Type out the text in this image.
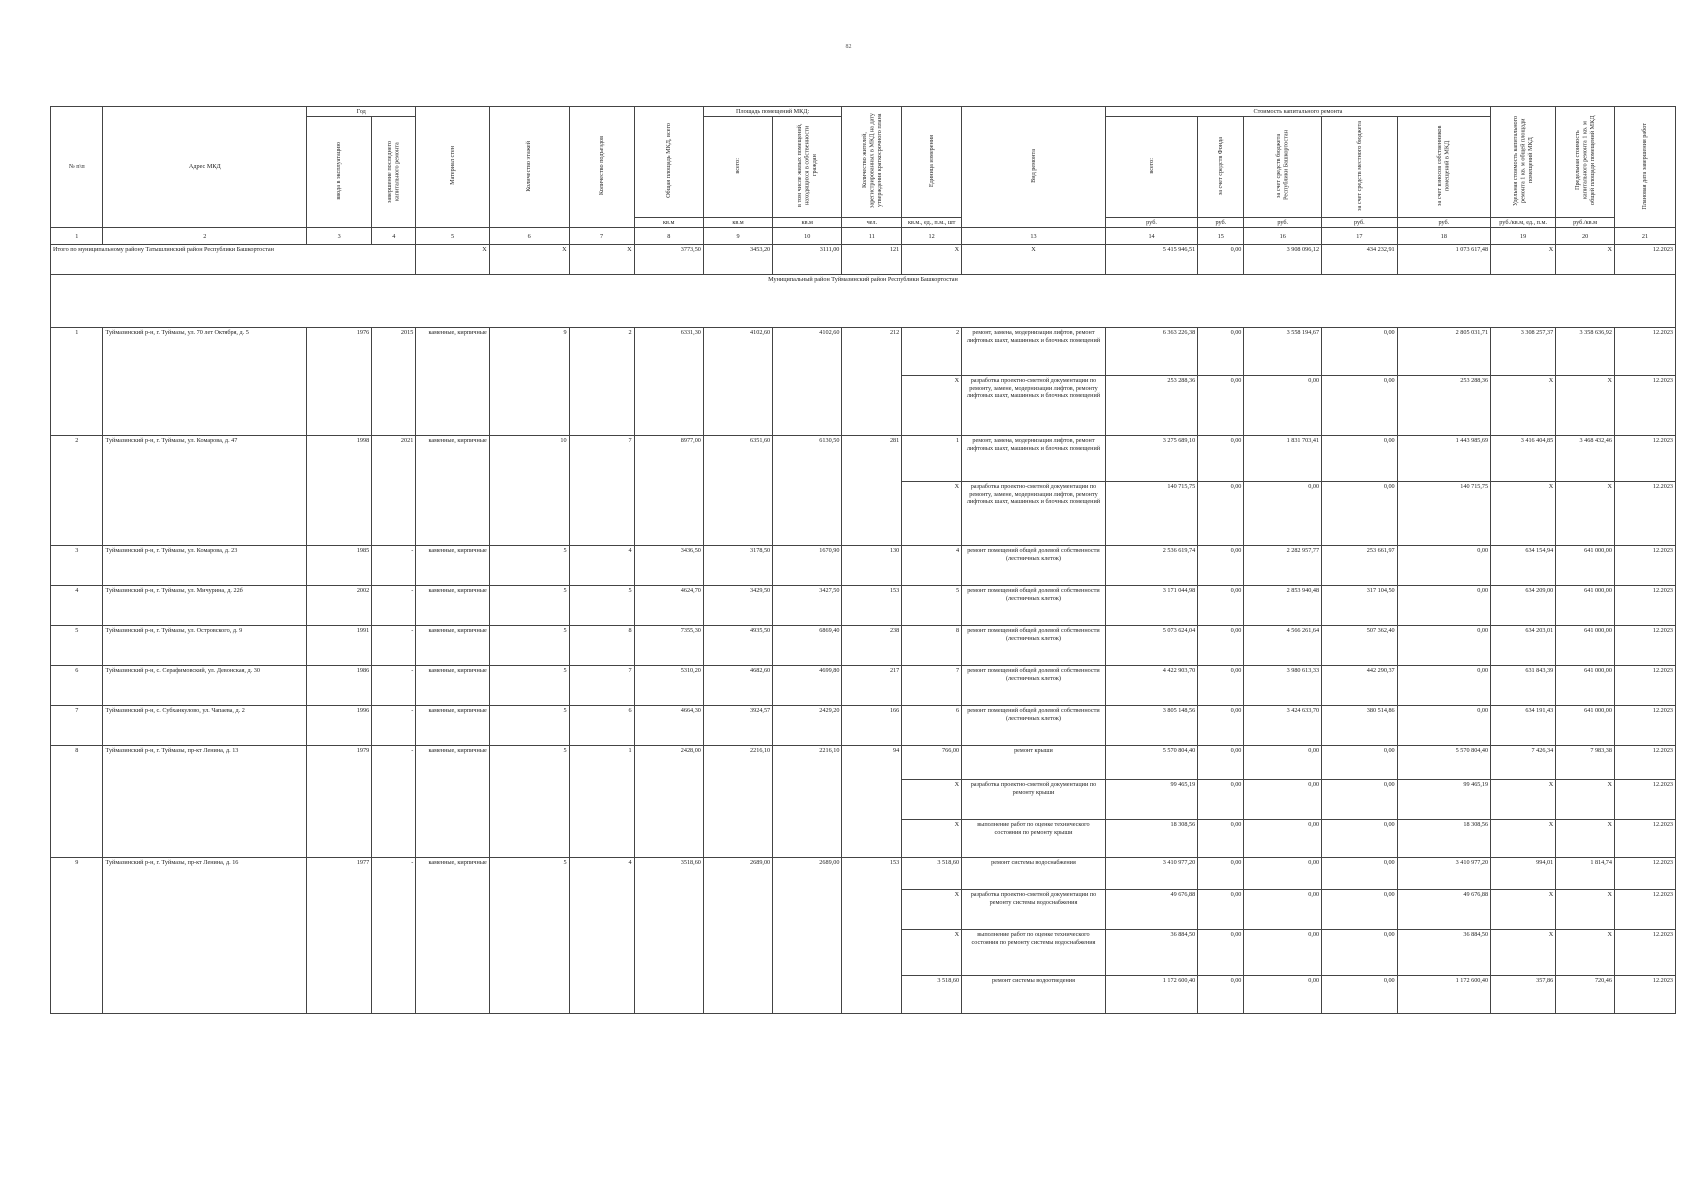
82
№ п\п	Адрес МКД	Год		Материал стен	Количество этажей	Количество подъездов	Общая площадь МКД, всего	Площадь помещений МКД:		Количество жителей, зарегистрированных в МКД на дату утверждения краткосрочного плана	Единица измерения	Вид ремонта	Стоимость капитального ремонта					Удельная стоимость капитального ремонта 1 кв. м общей площади помещений МКД	Предельная стоимость капитального ремонта 1 кв. м общей площади помещений МКД	Плановая дата завершения работ
		ввода в эксплуатацию	завершение последнего капитального ремонта					всего:	в том числе жилых помещений, находящихся в собственности граждан				всего:	за счет средств Фонда	за счет средств бюджета Республики Башкортостан	за счет средств местного бюджета	за счет взносов собственников помещений в МКД			
							кв.м	кв.м	кв.м	чел.	кв.м., ед., п.м., шт		руб.	руб.	руб.	руб.	руб.	руб./кв.м, ед., п.м.	руб./кв.м	
1	2	3	4	5	6	7	8	9	10	11	12	13	14	15	16	17	18	19	20	21
Итого по муниципальному району Татышлинский район Республики Башкортостан				X	X	X	3773,50	3453,20	3111,00	121	X	X	5 415 946,51	0,00	3 908 096,12	434 232,91	1 073 617,48	X	X	12.2023
Муниципальный район Туймазинский район Республики Башкортостан																				
1	Туймазинский р-н, г. Туймазы, ул. 70 лет Октября, д. 5	1976	2015	каменные, кирпичные	9	2	6331,30	4102,60	4102,60	212	2	ремонт, замена, модернизация лифтов, ремонт лифтовых шахт, машинных и блочных помещений	6 363 226,38	0,00	3 558 194,67	0,00	2 805 031,71	3 308 257,37	3 358 636,92	12.2023
											X	разработка проектно-сметной документации по ремонту, замене, модернизации лифтов, ремонту лифтовых шахт, машинных и блочных помещений	253 288,36	0,00	0,00	0,00	253 288,36	X	X	12.2023
2	Туймазинский р-н, г. Туймазы, ул. Комарова, д. 47	1998	2021	каменные, кирпичные	10	7	8977,00	6351,60	6130,50	281	1	ремонт, замена, модернизация лифтов, ремонт лифтовых шахт, машинных и блочных помещений	3 275 689,10	0,00	1 831 703,41	0,00	1 443 985,69	3 416 404,85	3 468 432,46	12.2023
											X	разработка проектно-сметной документации по ремонту, замене, модернизации лифтов, ремонту лифтовых шахт, машинных и блочных помещений	140 715,75	0,00	0,00	0,00	140 715,75	X	X	12.2023
3	Туймазинский р-н, г. Туймазы, ул. Комарова, д. 23	1985	-	каменные, кирпичные	5	4	3436,50	3178,50	1670,90	130	4	ремонт помещений общей долевой собственности (лестничных клеток)	2 536 619,74	0,00	2 282 957,77	253 661,97	0,00	634 154,94	641 000,00	12.2023
4	Туймазинский р-н, г. Туймазы, ул. Мичурина, д. 22б	2002	-	каменные, кирпичные	5	5	4624,70	3429,50	3427,50	153	5	ремонт помещений общей долевой собственности (лестничных клеток)	3 171 044,98	0,00	2 853 940,48	317 104,50	0,00	634 209,00	641 000,00	12.2023
5	Туймазинский р-н, г. Туймазы, ул. Островского, д. 9	1991	-	каменные, кирпичные	5	8	7355,30	4935,50	6869,40	238	8	ремонт помещений общей долевой собственности (лестничных клеток)	5 073 624,04	0,00	4 566 261,64	507 362,40	0,00	634 203,01	641 000,00	12.2023
6	Туймазинский р-н, с. Серафимовский, ул. Девонская, д. 30	1986	-	каменные, кирпичные	5	7	5310,20	4682,60	4699,80	217	7	ремонт помещений общей долевой собственности (лестничных клеток)	4 422 903,70	0,00	3 980 613,33	442 290,37	0,00	631 843,39	641 000,00	12.2023
7	Туймазинский р-н, с. Субханкулово, ул. Чапаева, д. 2	1996	-	каменные, кирпичные	5	6	4664,30	3924,57	2429,20	166	6	ремонт помещений общей долевой собственности (лестничных клеток)	3 805 148,56	0,00	3 424 633,70	380 514,86	0,00	634 191,43	641 000,00	12.2023
8	Туймазинский р-н, г. Туймазы, пр-кт Ленина, д. 13	1979	-	каменные, кирпичные	5	1	2428,00	2216,10	2216,10	94	766,00	ремонт крыши	5 570 804,40	0,00	0,00	0,00	5 570 804,40	7 426,34	7 983,38	12.2023
											X	разработка проектно-сметной документации по ремонту крыши	99 465,19	0,00	0,00	0,00	99 465,19	X	X	12.2023
											X	выполнение работ по оценке технического состояния по ремонту крыши	18 308,56	0,00	0,00	0,00	18 308,56	X	X	12.2023
9	Туймазинский р-н, г. Туймазы, пр-кт Ленина, д. 16	1977	-	каменные, кирпичные	5	4	3518,60	2689,00	2689,00	153	3 518,60	ремонт системы водоснабжения	3 410 977,20	0,00	0,00	0,00	3 410 977,20	994,01	1 814,74	12.2023
											X	разработка проектно-сметной документации по ремонту системы водоснабжения	49 676,88	0,00	0,00	0,00	49 676,88	X	X	12.2023
											X	выполнение работ по оценке технического состояния по ремонту системы водоснабжения	36 884,50	0,00	0,00	0,00	36 884,50	X	X	12.2023
											3 518,60	ремонт системы водоотведения	1 172 600,40	0,00	0,00	0,00	1 172 600,40	357,86	720,46	12.2023
